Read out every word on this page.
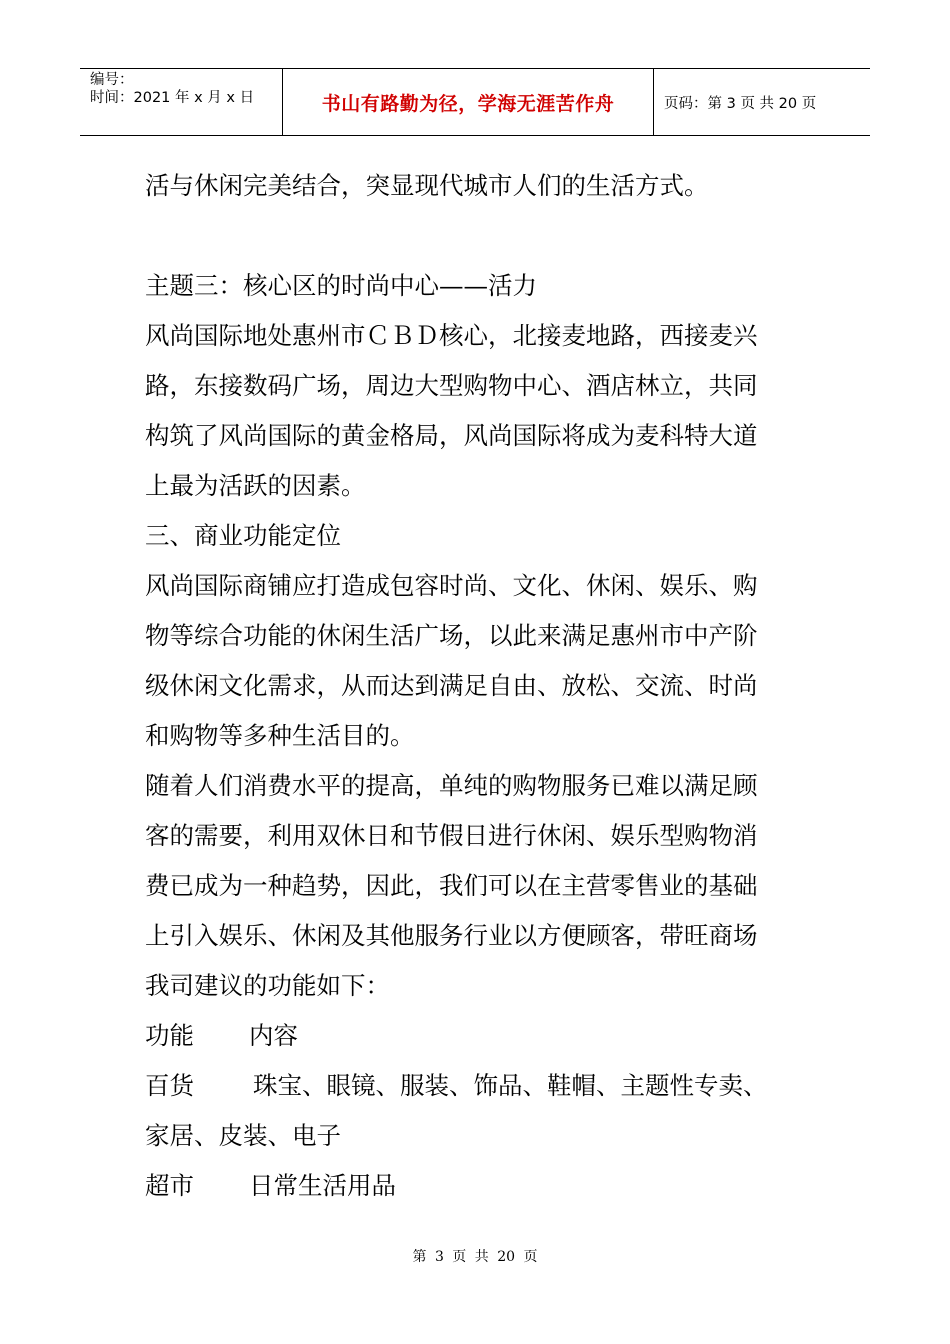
编号：
时间：2021 年 x 月 x 日	书山有路勤为径，学海无涯苦作舟	页码：第 3 页 共 20 页
活与休闲完美结合，突显现代城市人们的生活方式。
主题三：核心区的时尚中心——活力
风尚国际地处惠州市ＣＢＤ核心，北接麦地路，西接麦兴
路，东接数码广场，周边大型购物中心、酒店林立，共同
构筑了风尚国际的黄金格局，风尚国际将成为麦科特大道
上最为活跃的因素。
三、商业功能定位
风尚国际商铺应打造成包容时尚、文化、休闲、娱乐、购
物等综合功能的休闲生活广场，以此来满足惠州市中产阶
级休闲文化需求，从而达到满足自由、放松、交流、时尚
和购物等多种生活目的。
随着人们消费水平的提高，单纯的购物服务已难以满足顾
客的需要，利用双休日和节假日进行休闲、娱乐型购物消
费已成为一种趋势，因此，我们可以在主营零售业的基础
上引入娱乐、休闲及其他服务行业以方便顾客，带旺商场
我司建议的功能如下：
功能	内容
百货	珠宝、眼镜、服装、饰品、鞋帽、主题性专卖、
家居、皮装、电子
超市	日常生活用品
第 3 页 共 20 页
